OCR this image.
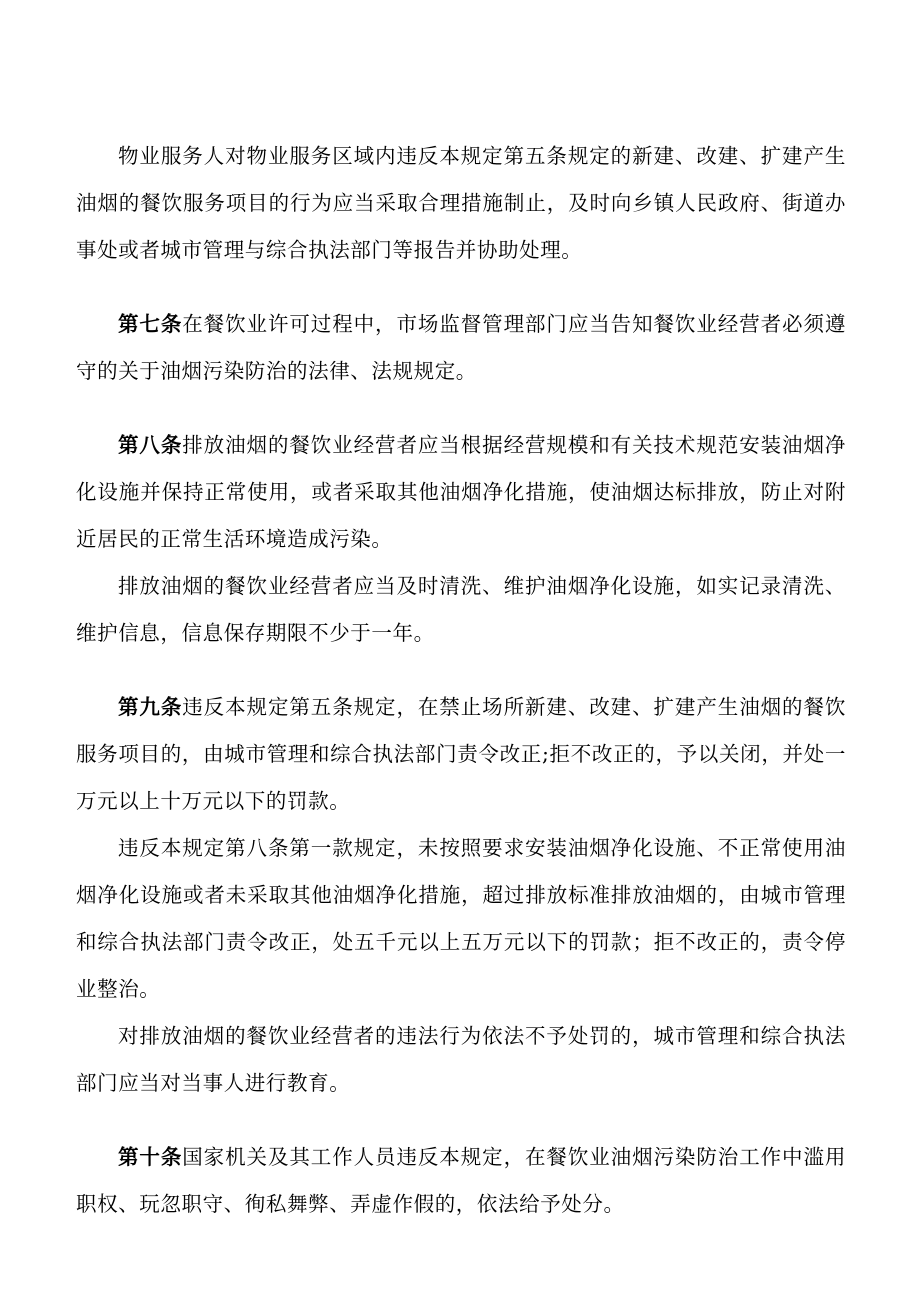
物业服务人对物业服务区域内违反本规定第五条规定的新建、改建、扩建产生油烟的餐饮服务项目的行为应当采取合理措施制止，及时向乡镇人民政府、街道办事处或者城市管理与综合执法部门等报告并协助处理。

第七条在餐饮业许可过程中，市场监督管理部门应当告知餐饮业经营者必须遵守的关于油烟污染防治的法律、法规规定。

第八条排放油烟的餐饮业经营者应当根据经营规模和有关技术规范安装油烟净化设施并保持正常使用，或者采取其他油烟净化措施，使油烟达标排放，防止对附近居民的正常生活环境造成污染。

排放油烟的餐饮业经营者应当及时清洗、维护油烟净化设施，如实记录清洗、维护信息，信息保存期限不少于一年。

第九条违反本规定第五条规定，在禁止场所新建、改建、扩建产生油烟的餐饮服务项目的，由城市管理和综合执法部门责令改正;拒不改正的，予以关闭，并处一万元以上十万元以下的罚款。

违反本规定第八条第一款规定，未按照要求安装油烟净化设施、不正常使用油烟净化设施或者未采取其他油烟净化措施，超过排放标准排放油烟的，由城市管理和综合执法部门责令改正，处五千元以上五万元以下的罚款；拒不改正的，责令停业整治。

对排放油烟的餐饮业经营者的违法行为依法不予处罚的，城市管理和综合执法部门应当对当事人进行教育。

第十条国家机关及其工作人员违反本规定，在餐饮业油烟污染防治工作中滥用职权、玩忽职守、徇私舞弊、弄虚作假的，依法给予处分。
